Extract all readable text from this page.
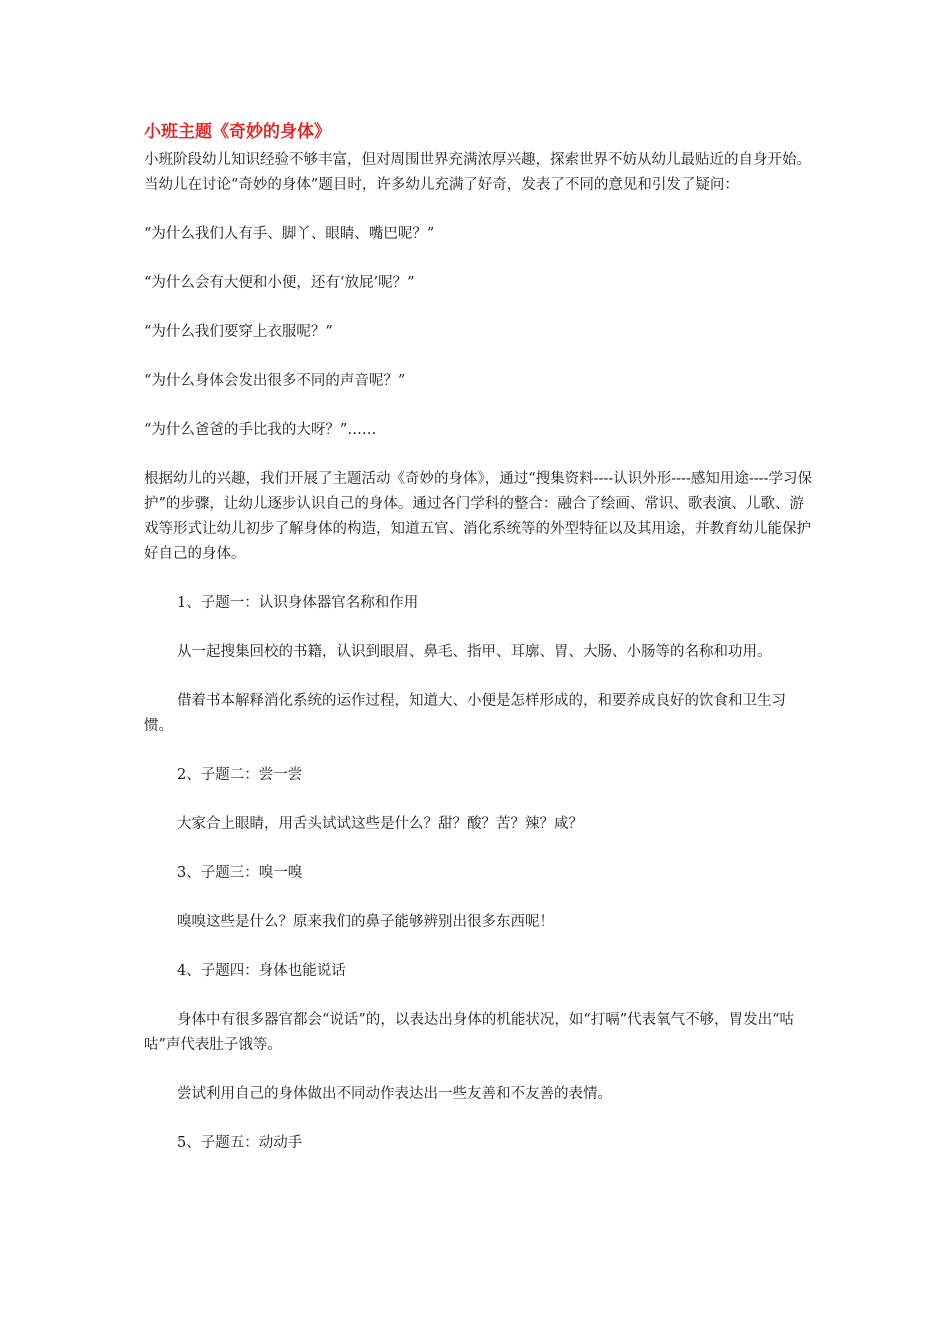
小班主题《奇妙的身体》

小班阶段幼儿知识经验不够丰富，但对周围世界充满浓厚兴趣，探索世界不妨从幼儿最贴近的自身开始。当幼儿在讨论“奇妙的身体”题目时，许多幼儿充满了好奇，发表了不同的意见和引发了疑问：

“为什么我们人有手、脚丫、眼睛、嘴巴呢？”

“为什么会有大便和小便，还有‘放屁’呢？”

“为什么我们要穿上衣服呢？”

“为什么身体会发出很多不同的声音呢？”

“为什么爸爸的手比我的大呀？”……

根据幼儿的兴趣，我们开展了主题活动《奇妙的身体》，通过“搜集资料----认识外形----感知用途----学习保护”的步骤，让幼儿逐步认识自己的身体。通过各门学科的整合：融合了绘画、常识、歌表演、儿歌、游戏等形式让幼儿初步了解身体的构造，知道五官、消化系统等的外型特征以及其用途，并教育幼儿能保护好自己的身体。

1、子题一：认识身体器官名称和作用

从一起搜集回校的书籍，认识到眼眉、鼻毛、指甲、耳廓、胃、大肠、小肠等的名称和功用。

借着书本解释消化系统的运作过程，知道大、小便是怎样形成的，和要养成良好的饮食和卫生习惯。

2、子题二：尝一尝

大家合上眼睛，用舌头试试这些是什么？甜？酸？苦？辣？咸？

3、子题三：嗅一嗅

嗅嗅这些是什么？原来我们的鼻子能够辨别出很多东西呢！

4、子题四：身体也能说话

身体中有很多器官都会“说话”的，以表达出身体的机能状况，如“打嗝”代表氧气不够，胃发出“咕咕”声代表肚子饿等。

尝试利用自己的身体做出不同动作表达出一些友善和不友善的表情。

5、子题五：动动手
